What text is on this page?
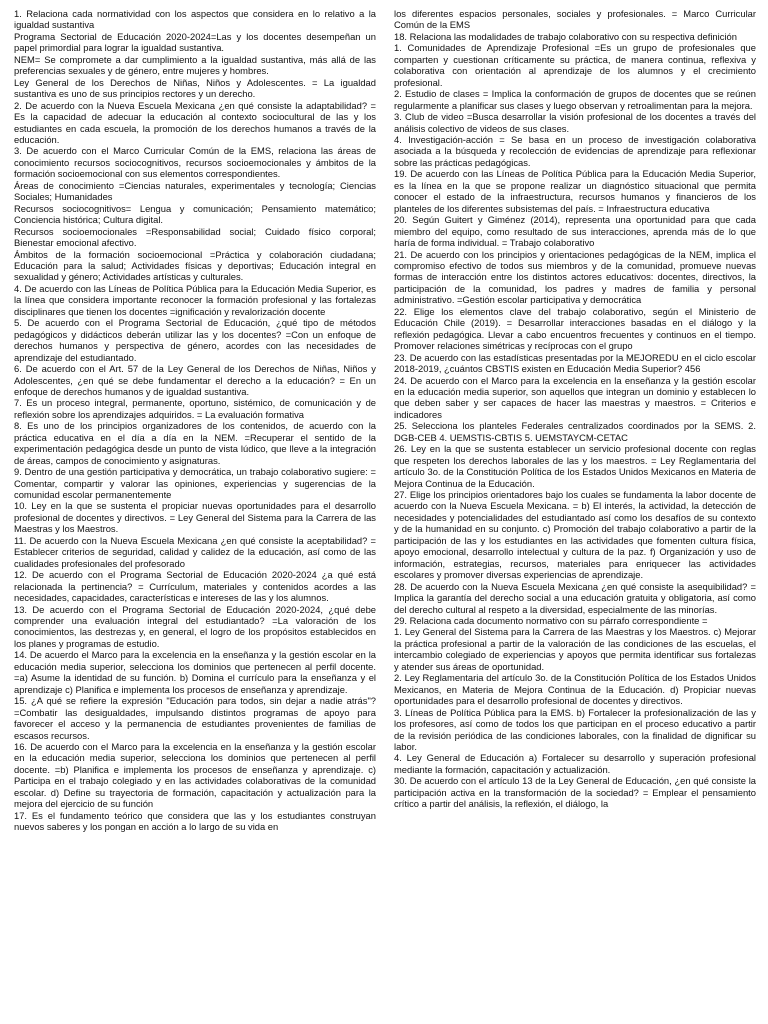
1. Relaciona cada normatividad con los aspectos que considera en lo relativo a la igualdad sustantiva

Programa Sectorial de Educación 2020-2024=Las y los docentes desempeñan un papel primordial para lograr la igualdad sustantiva.

NEM= Se compromete a dar cumplimiento a la igualdad sustantiva, más allá de las preferencias sexuales y de género, entre mujeres y hombres.

Ley General de los Derechos de Niñas, Niños y Adolescentes. = La igualdad sustantiva es uno de sus principios rectores y un derecho.

2. De acuerdo con la Nueva Escuela Mexicana ¿en qué consiste la adaptabilidad? = Es la capacidad de adecuar la educación al contexto sociocultural de las y los estudiantes en cada escuela, la promoción de los derechos humanos a través de la educación.

3. De acuerdo con el Marco Curricular Común de la EMS, relaciona las áreas de conocimiento recursos sociocognitivos, recursos socioemocionales y ámbitos de la formación socioemocional con sus elementos correspondientes.

Áreas de conocimiento =Ciencias naturales, experimentales y tecnología; Ciencias Sociales; Humanidades

Recursos sociocognitivos= Lengua y comunicación; Pensamiento matemático; Conciencia histórica; Cultura digital.

Recursos socioemocionales =Responsabilidad social; Cuidado físico corporal; Bienestar emocional afectivo.

Ámbitos de la formación socioemocional =Práctica y colaboración ciudadana; Educación para la salud; Actividades físicas y deportivas; Educación integral en sexualidad y género; Actividades artísticas y culturales.

4. De acuerdo con las Líneas de Política Pública para la Educación Media Superior, es la línea que considera importante reconocer la formación profesional y las fortalezas disciplinares que tienen los docentes =ignificación y revalorización docente

5. De acuerdo con el Programa Sectorial de Educación, ¿qué tipo de métodos pedagógicos y didácticos deberán utilizar las y los docentes? =Con un enfoque de derechos humanos y perspectiva de género, acordes con las necesidades de aprendizaje del estudiantado.

6. De acuerdo con el Art. 57 de la Ley General de los Derechos de Niñas, Niños y Adolescentes, ¿en qué se debe fundamentar el derecho a la educación? = En un enfoque de derechos humanos y de igualdad sustantiva.

7. Es un proceso integral, permanente, oportuno, sistémico, de comunicación y de reflexión sobre los aprendizajes adquiridos. = La evaluación formativa

8. Es uno de los principios organizadores de los contenidos, de acuerdo con la práctica educativa en el día a día en la NEM. =Recuperar el sentido de la experimentación pedagógica desde un punto de vista lúdico, que lleve a la integración de áreas, campos de conocimiento y asignaturas.

9. Dentro de una gestión participativa y democrática, un trabajo colaborativo sugiere: = Comentar, compartir y valorar las opiniones, experiencias y sugerencias de la comunidad escolar permanentemente

10. Ley en la que se sustenta el propiciar nuevas oportunidades para el desarrollo profesional de docentes y directivos. = Ley General del Sistema para la Carrera de las Maestras y los Maestros.

11. De acuerdo con la Nueva Escuela Mexicana ¿en qué consiste la aceptabilidad? = Establecer criterios de seguridad, calidad y calidez de la educación, así como de las cualidades profesionales del profesorado

12. De acuerdo con el Programa Sectorial de Educación 2020-2024 ¿a qué está relacionada la pertinencia? = Currículum, materiales y contenidos acordes a las necesidades, capacidades, características e intereses de las y los alumnos.

13. De acuerdo con el Programa Sectorial de Educación 2020-2024, ¿qué debe comprender una evaluación integral del estudiantado? =La valoración de los conocimientos, las destrezas y, en general, el logro de los propósitos establecidos en los planes y programas de estudio.

14. De acuerdo el Marco para la excelencia en la enseñanza y la gestión escolar en la educación media superior, selecciona los dominios que pertenecen al perfil docente. =a) Asume la identidad de su función. b) Domina el currículo para la enseñanza y el aprendizaje c) Planifica e implementa los procesos de enseñanza y aprendizaje.

15. ¿A qué se refiere la expresión "Educación para todos, sin dejar a nadie atrás"? =Combatir las desigualdades, impulsando distintos programas de apoyo para favorecer el acceso y la permanencia de estudiantes provenientes de familias de escasos recursos.

16. De acuerdo con el Marco para la excelencia en la enseñanza y la gestión escolar en la educación media superior, selecciona los dominios que pertenecen al perfil docente. =b) Planifica e implementa los procesos de enseñanza y aprendizaje. c) Participa en el trabajo colegiado y en las actividades colaborativas de la comunidad escolar. d) Define su trayectoria de formación, capacitación y actualización para la mejora del ejercicio de su función

17. Es el fundamento teórico que considera que las y los estudiantes construyan nuevos saberes y los pongan en acción a lo largo de su vida en

los diferentes espacios personales, sociales y profesionales. = Marco Curricular Común de la EMS

18. Relaciona las modalidades de trabajo colaborativo con su respectiva definición

1. Comunidades de Aprendizaje Profesional =Es un grupo de profesionales que comparten y cuestionan críticamente su práctica, de manera continua, reflexiva y colaborativa con orientación al aprendizaje de los alumnos y el crecimiento profesional.

2. Estudio de clases = Implica la conformación de grupos de docentes que se reúnen regularmente a planificar sus clases y luego observan y retroalimentan para la mejora.

3. Club de video =Busca desarrollar la visión profesional de los docentes a través del análisis colectivo de videos de sus clases.

4. Investigación-acción = Se basa en un proceso de investigación colaborativa asociada a la búsqueda y recolección de evidencias de aprendizaje para reflexionar sobre las prácticas pedagógicas.

19. De acuerdo con las Líneas de Política Pública para la Educación Media Superior, es la línea en la que se propone realizar un diagnóstico situacional que permita conocer el estado de la infraestructura, recursos humanos y financieros de los planteles de los diferentes subsistemas del país. = Infraestructura educativa

20. Según Guitert y Giménez (2014), representa una oportunidad para que cada miembro del equipo, como resultado de sus interacciones, aprenda más de lo que haría de forma individual. = Trabajo colaborativo

21. De acuerdo con los principios y orientaciones pedagógicas de la NEM, implica el compromiso efectivo de todos sus miembros y de la comunidad, promueve nuevas formas de interacción entre los distintos actores educativos: docentes, directivos, la participación de la comunidad, los padres y madres de familia y personal administrativo. =Gestión escolar participativa y democrática

22. Elige los elementos clave del trabajo colaborativo, según el Ministerio de Educación Chile (2019). = Desarrollar interacciones basadas en el diálogo y la reflexión pedagógica. Llevar a cabo encuentros frecuentes y continuos en el tiempo. Promover relaciones simétricas y recíprocas con el grupo

23. De acuerdo con las estadísticas presentadas por la MEJOREDU en el ciclo escolar 2018-2019, ¿cuántos CBSTIS existen en Educación Media Superior? 456

24. De acuerdo con el Marco para la excelencia en la enseñanza y la gestión escolar en la educación media superior, son aquellos que integran un dominio y establecen lo que deben saber y ser capaces de hacer las maestras y maestros. = Criterios e indicadores

25. Selecciona los planteles Federales centralizados coordinados por la SEMS. 2. DGB-CEB 4. UEMSTIS-CBTIS 5. UEMSTAYCM-CETAC

26. Ley en la que se sustenta establecer un servicio profesional docente con reglas que respeten los derechos laborales de las y los maestros. = Ley Reglamentaria del artículo 3o. de la Constitución Política de los Estados Unidos Mexicanos en Materia de Mejora Continua de la Educación.

27. Elige los principios orientadores bajo los cuales se fundamenta la labor docente de acuerdo con la Nueva Escuela Mexicana. = b) El interés, la actividad, la detección de necesidades y potencialidades del estudiantado así como los desafíos de su contexto y de la humanidad en su conjunto. c) Promoción del trabajo colaborativo a partir de la participación de las y los estudiantes en las actividades que fomenten cultura física, apoyo emocional, desarrollo intelectual y cultura de la paz. f) Organización y uso de información, estrategias, recursos, materiales para enriquecer las actividades escolares y promover diversas experiencias de aprendizaje.

28. De acuerdo con la Nueva Escuela Mexicana ¿en qué consiste la asequibilidad? = Implica la garantía del derecho social a una educación gratuita y obligatoria, así como del derecho cultural al respeto a la diversidad, especialmente de las minorías.

29. Relaciona cada documento normativo con su párrafo correspondiente =

1. Ley General del Sistema para la Carrera de las Maestras y los Maestros. c) Mejorar la práctica profesional a partir de la valoración de las condiciones de las escuelas, el intercambio colegiado de experiencias y apoyos que permita identificar sus fortalezas y atender sus áreas de oportunidad.

2. Ley Reglamentaria del artículo 3o. de la Constitución Política de los Estados Unidos Mexicanos, en Materia de Mejora Continua de la Educación. d) Propiciar nuevas oportunidades para el desarrollo profesional de docentes y directivos.

3. Líneas de Política Pública para la EMS. b) Fortalecer la profesionalización de las y los profesores, así como de todos los que participan en el proceso educativo a partir de la revisión periódica de las condiciones laborales, con la finalidad de dignificar su labor.

4. Ley General de Educación a) Fortalecer su desarrollo y superación profesional mediante la formación, capacitación y actualización.

30. De acuerdo con el artículo 13 de la Ley General de Educación, ¿en qué consiste la participación activa en la transformación de la sociedad? = Emplear el pensamiento crítico a partir del análisis, la reflexión, el diálogo, la
